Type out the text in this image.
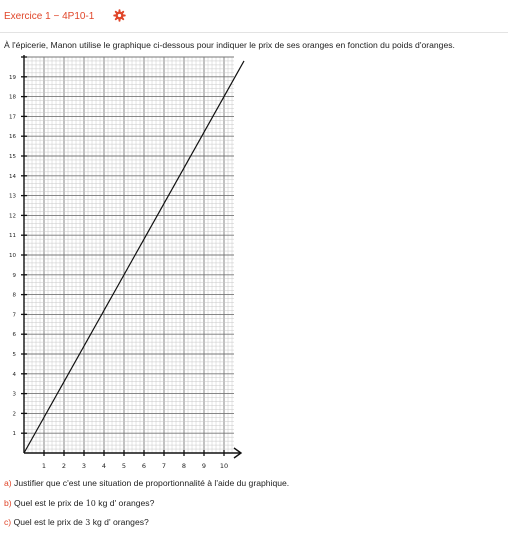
Exercice 1 − 4P10-1
À l'épicerie, Manon utilise le graphique ci-dessous pour indiquer le prix de ses oranges en fonction du poids d'oranges.
1 2 3 4 5 6 7 8 9 10
1
2
3
4
5
6
7
8
9
10
11
12
13
14
15
16
17
18
19
a) Justifier que c'est une situation de proportionnalité à l'aide du graphique.
b) Quel est le prix de 10 kg d' oranges?
c) Quel est le prix de 3 kg d' oranges?
